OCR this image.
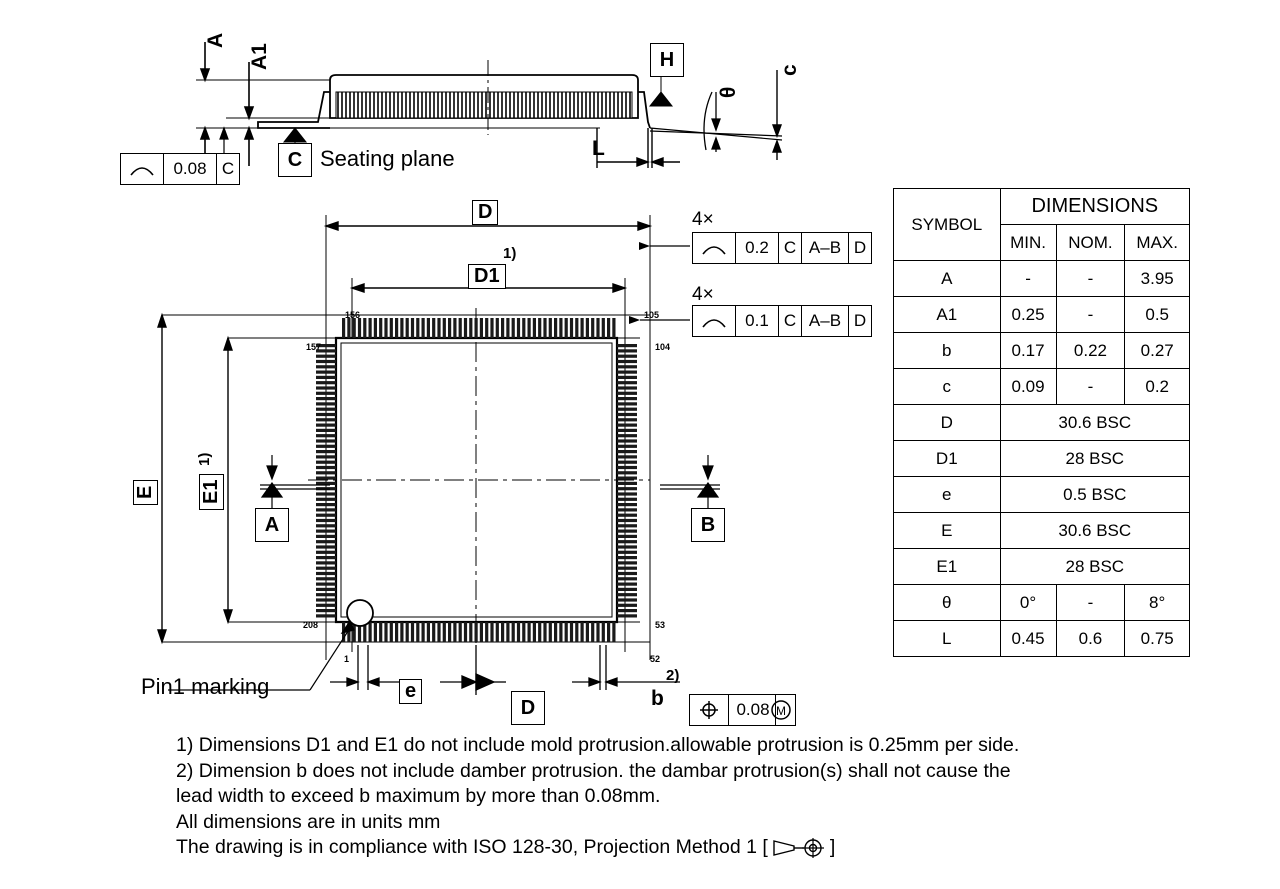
A
A1
θ
c
L
C Seating plane
H
0.08 C
D
D1
1)
E E1
1)
e	b
2)
A	B
D
Pin1 marking
156	105
157	104
208	53
1	52
4×
0.2 C A–B D
4×
0.1 C A–B D
0.08 M
SYMBOL	DIMENSIONS		
	MIN.	NOM.	MAX.
A	-	-	3.95
A1	0.25	-	0.5
b	0.17	0.22	0.27
c	0.09	-	0.2
D	30.6 BSC		
D1	28 BSC		
e	0.5 BSC		
E	30.6 BSC		
E1	28 BSC		
θ	0°	-	8°
L	0.45	0.6	0.75
1) Dimensions D1 and E1 do not include mold protrusion.allowable protrusion is 0.25mm per side.
2) Dimension b does not include damber protrusion. the dambar protrusion(s) shall not cause the
lead width to exceed b maximum by more than 0.08mm.
All dimensions are in units mm
The drawing is in compliance with ISO 128-30, Projection Method 1 [	]
